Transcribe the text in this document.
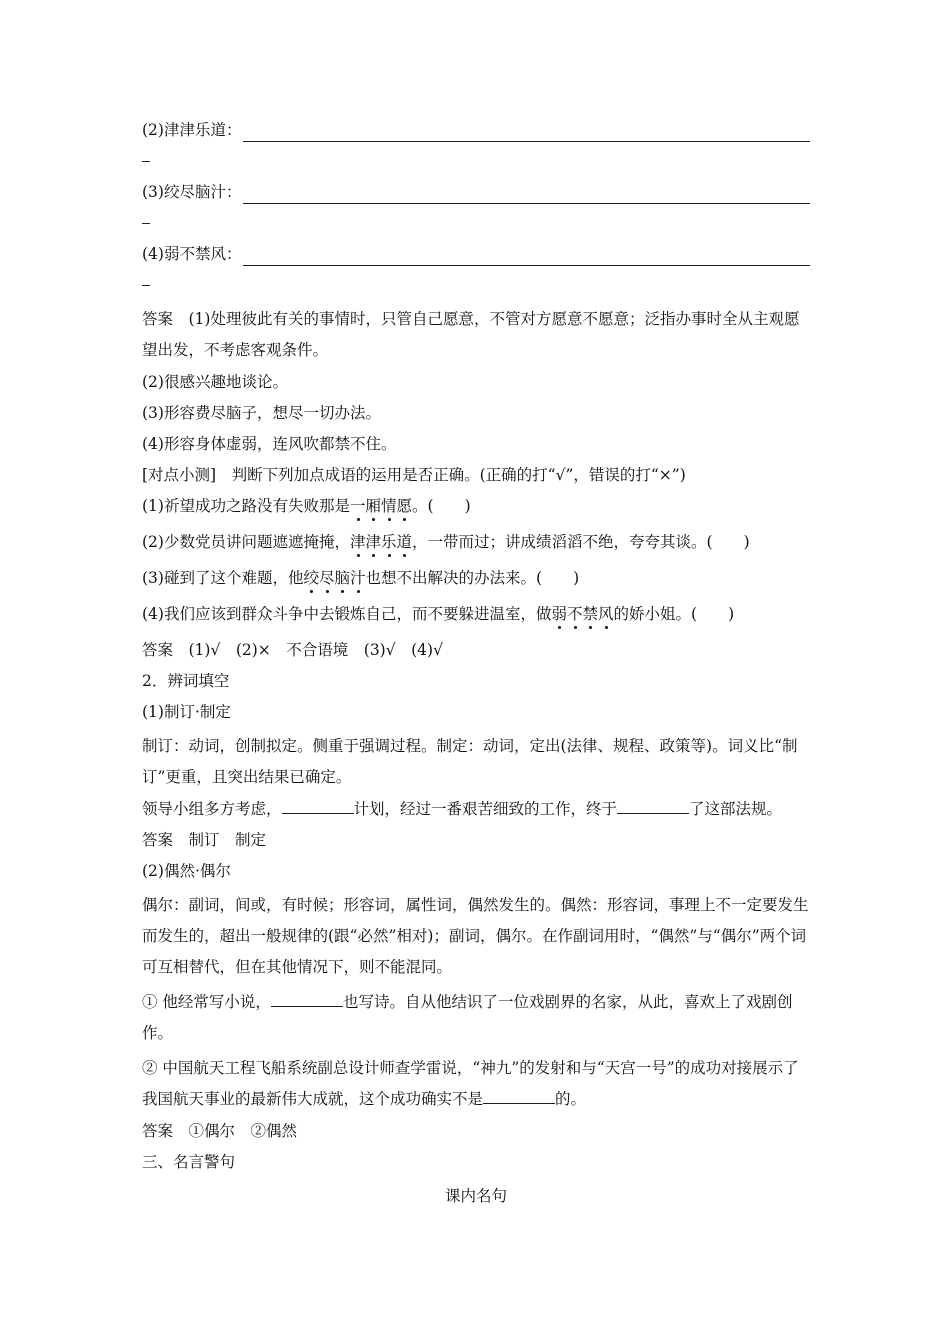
(2)津津乐道：
(3)绞尽脑汁：
(4)弱不禁风：
答案　(1)处理彼此有关的事情时，只管自己愿意，不管对方愿意不愿意；泛指办事时全从主观愿望出发，不考虑客观条件。
(2)很感兴趣地谈论。
(3)形容费尽脑子，想尽一切办法。
(4)形容身体虚弱，连风吹都禁不住。
[对点小测]　判断下列加点成语的运用是否正确。(正确的打“√”，错误的打“×”)
(1)祈望成功之路没有失败那是一厢情愿。(　　)
(2)少数党员讲问题遮遮掩掩，津津乐道，一带而过；讲成绩滔滔不绝，夸夸其谈。(　　)
(3)碰到了这个难题，他绞尽脑汁也想不出解决的办法来。(　　)
(4)我们应该到群众斗争中去锻炼自己，而不要躲进温室，做弱不禁风的娇小姐。(　　)
答案　(1)√　(2)×　不合语境　(3)√　(4)√
2．辨词填空
(1)制订·制定
制订：动词，创制拟定。侧重于强调过程。制定：动词，定出(法律、规程、政策等)。词义比“制订”更重，且突出结果已确定。
领导小组多方考虑，	计划，经过一番艰苦细致的工作，终于	了这部法规。
答案　制订　制定
(2)偶然·偶尔
偶尔：副词，间或，有时候；形容词，属性词，偶然发生的。偶然：形容词，事理上不一定要发生而发生的，超出一般规律的(跟“必然”相对)；副词，偶尔。在作副词用时，“偶然”与“偶尔”两个词可互相替代，但在其他情况下，则不能混同。
① 他经常写小说，	也写诗。自从他结识了一位戏剧界的名家，从此，喜欢上了戏剧创作。
② 中国航天工程飞船系统副总设计师查学雷说，“神九”的发射和与“天宫一号”的成功对接展示了我国航天事业的最新伟大成就，这个成功确实不是	的。
答案　①偶尔　②偶然
三、名言警句
课内名句
